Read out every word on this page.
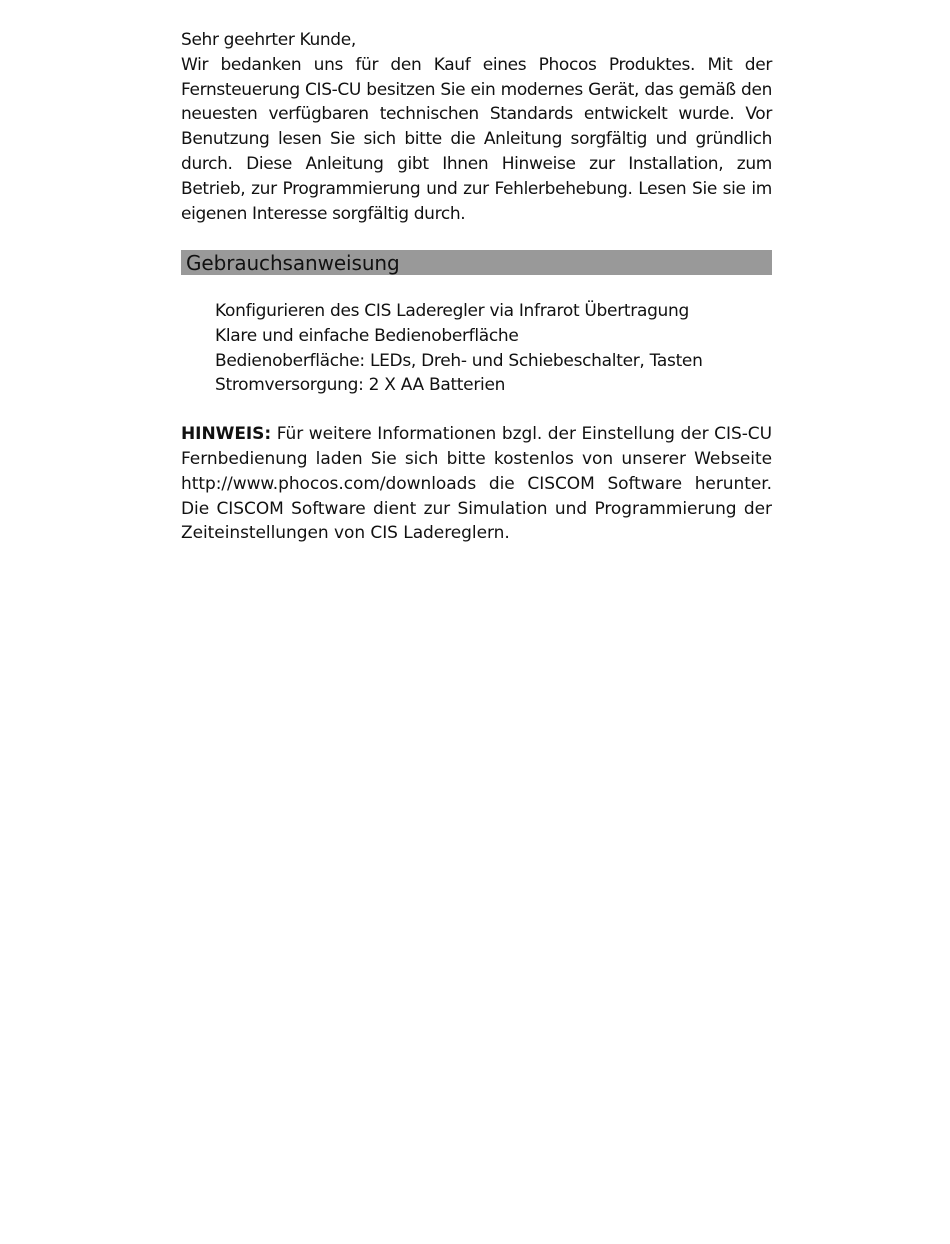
Sehr geehrter Kunde,
Wir bedanken uns für den Kauf eines Phocos Produktes. Mit der Fernsteuerung CIS-CU besitzen Sie ein modernes Gerät, das gemäß den neuesten verfügbaren technischen Standards entwickelt wurde. Vor Benutzung lesen Sie sich bitte die Anleitung sorgfältig und gründlich durch. Diese Anleitung gibt Ihnen Hinweise zur Installation, zum Betrieb, zur Programmierung und zur Fehlerbehebung. Lesen Sie sie im eigenen Interesse sorgfältig durch.

Gebrauchsanweisung
Konfigurieren des CIS Laderegler via Infrarot Übertragung
Klare und einfache Bedienoberfläche
Bedienoberfläche: LEDs, Dreh- und Schiebeschalter, Tasten
Stromversorgung: 2 X AA Batterien

HINWEIS: Für weitere Informationen bzgl. der Einstellung der CIS-CU Fernbedienung laden Sie sich bitte kostenlos von unserer Webseite http://www.phocos.com/downloads die CISCOM Software herunter. Die CISCOM Software dient zur Simulation und Programmierung der Zeiteinstellungen von CIS Ladereglern.
